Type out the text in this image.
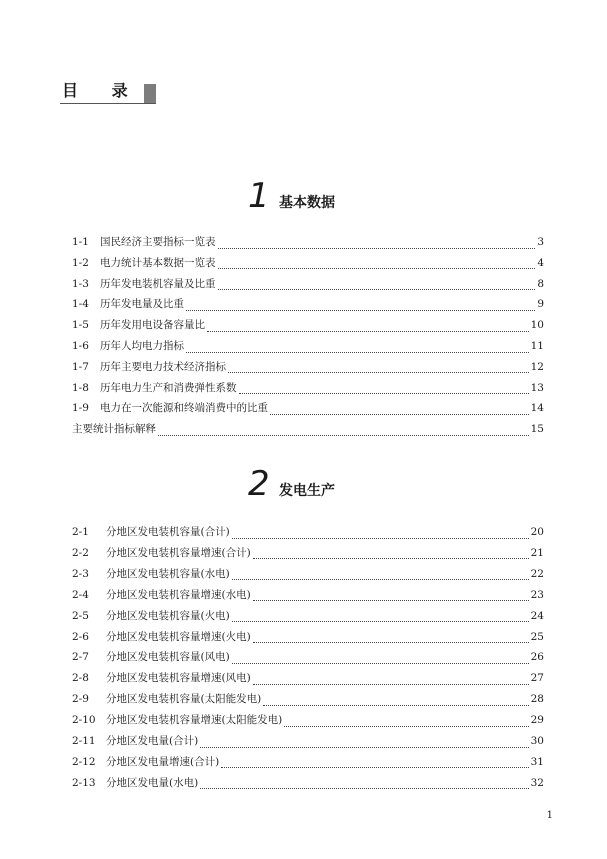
目 录
1 基本数据
1-1	国民经济主要指标一览表	3
1-2	电力统计基本数据一览表	4
1-3	历年发电装机容量及比重	8
1-4	历年发电量及比重	9
1-5	历年发用电设备容量比	10
1-6	历年人均电力指标	11
1-7	历年主要电力技术经济指标	12
1-8	历年电力生产和消费弹性系数	13
1-9	电力在一次能源和终端消费中的比重	14
主要统计指标解释	15
2 发电生产
2-1	分地区发电装机容量(合计)	20
2-2	分地区发电装机容量增速(合计)	21
2-3	分地区发电装机容量(水电)	22
2-4	分地区发电装机容量增速(水电)	23
2-5	分地区发电装机容量(火电)	24
2-6	分地区发电装机容量增速(火电)	25
2-7	分地区发电装机容量(风电)	26
2-8	分地区发电装机容量增速(风电)	27
2-9	分地区发电装机容量(太阳能发电)	28
2-10 分地区发电装机容量增速(太阳能发电)	29
2-11 分地区发电量(合计)	30
2-12 分地区发电量增速(合计)	31
2-13 分地区发电量(水电)	32
1
